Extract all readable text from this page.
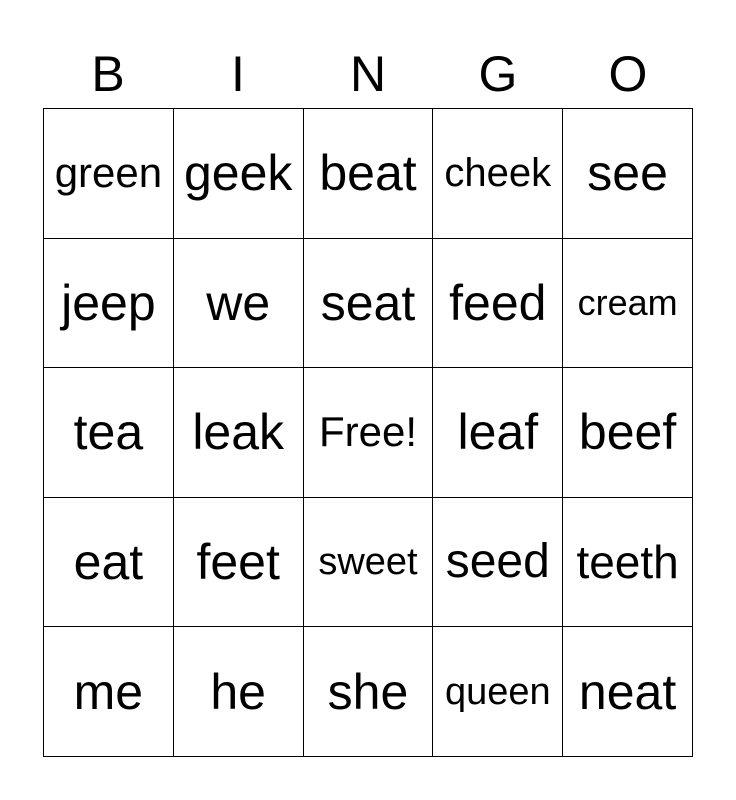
B	I	N	G	O
green geek beat cheek see
jeep we seat feed cream
tea leak Free! leaf beef
eat feet sweet seed teeth
me he she queen neat
